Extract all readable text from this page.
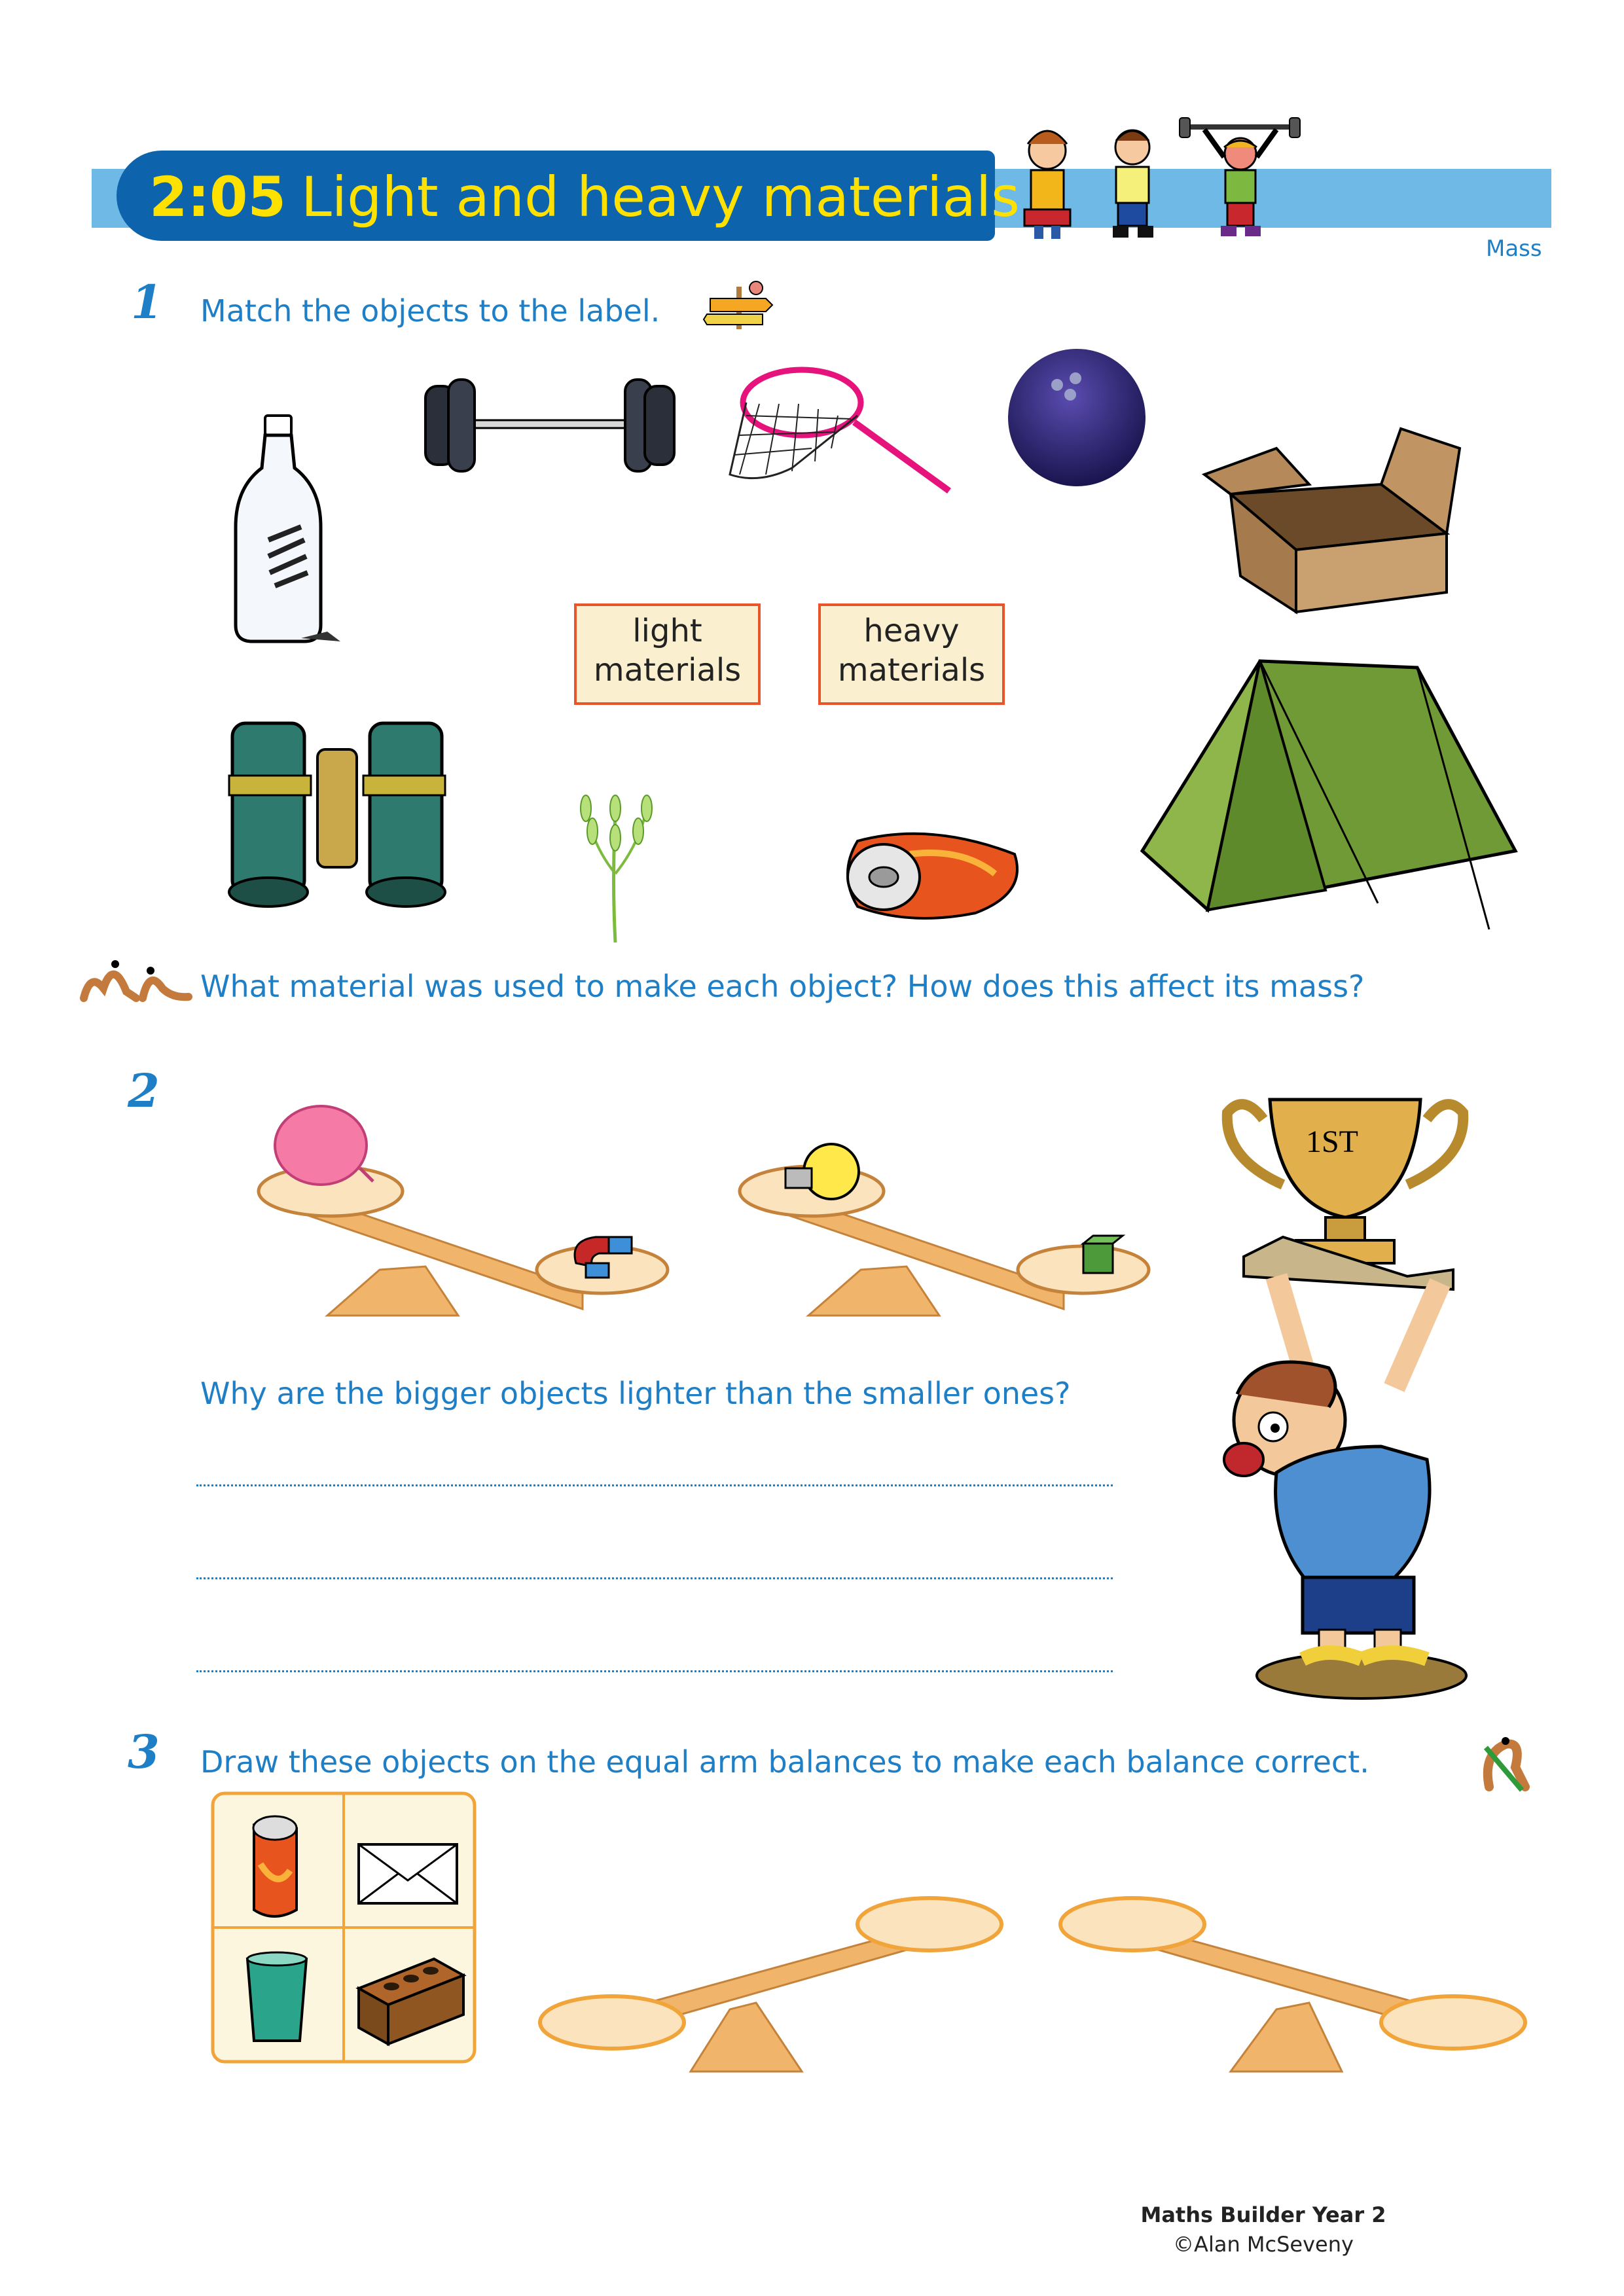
2:05 Light and heavy materials
Mass
1 Match the objects to the label.
light
materials
heavy
materials
What material was used to make each object? How does this affect its mass?
2
Why are the bigger objects lighter than the smaller ones?
1ST
3 Draw these objects on the equal arm balances to make each balance correct.
Maths Builder Year 2
©Alan McSeveny
